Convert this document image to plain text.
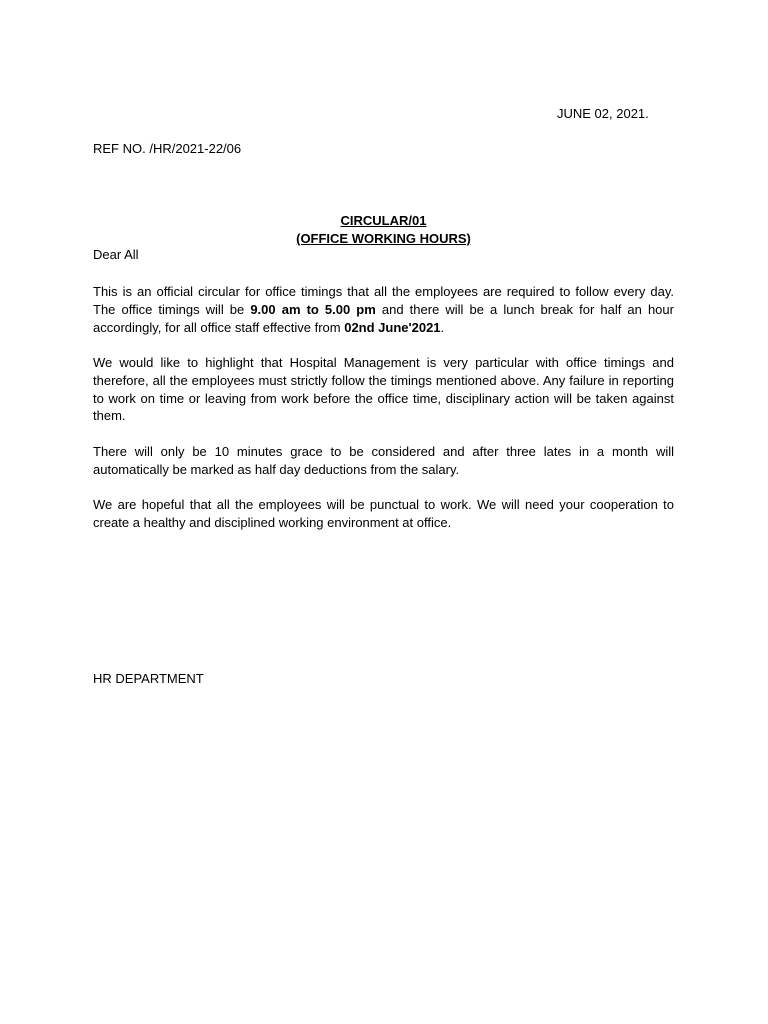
JUNE 02, 2021.
REF NO. /HR/2021-22/06
CIRCULAR/01
(OFFICE WORKING HOURS)
Dear All

This is an official circular for office timings that all the employees are required to follow every day. The office timings will be 9.00 am to 5.00 pm and there will be a lunch break for half an hour accordingly, for all office staff effective from 02nd June'2021.

We would like to highlight that Hospital Management is very particular with office timings and therefore, all the employees must strictly follow the timings mentioned above. Any failure in reporting to work on time or leaving from work before the office time, disciplinary action will be taken against them.

There will only be 10 minutes grace to be considered and after three lates in a month will automatically be marked as half day deductions from the salary.

We are hopeful that all the employees will be punctual to work. We will need your cooperation to create a healthy and disciplined working environment at office.

HR DEPARTMENT
